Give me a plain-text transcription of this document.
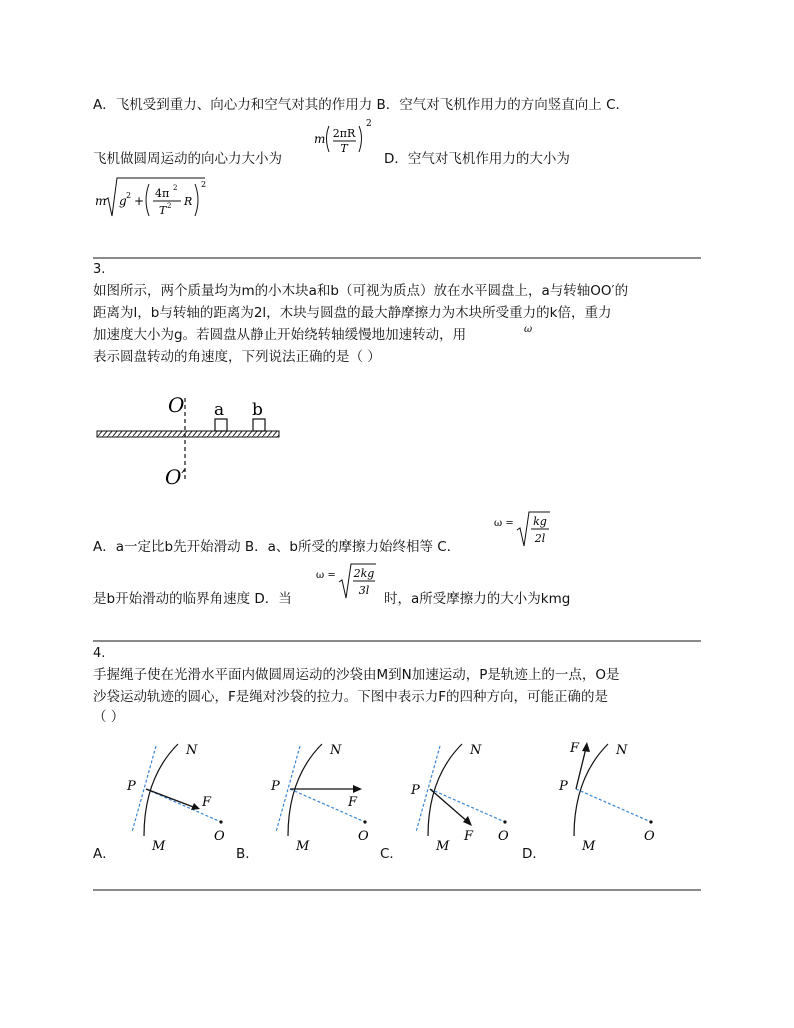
A．飞机受到重力、向心力和空气对其的作用力 B．空气对飞机作用力的方向竖直向上 C．
m 2πR
T
2
飞机做圆周运动的向心力大小为	D．空气对飞机作用力的大小为
m g 2 +
4π 2
T 2 R
2
3.
如图所示，两个质量均为m的小木块a和b（可视为质点）放在水平圆盘上，a与转轴OO′的
距离为l，b与转轴的距离为2l，木块与圆盘的最大静摩擦力为木块所受重力的k倍，重力
加速度大小为g。若圆盘从静止开始绕转轴缓慢地加速转动，用	ω
表示圆盘转动的角速度，下列说法正确的是（ ）
O a b
O′
A．a一定比b先开始滑动 B．a、b所受的摩擦力始终相等 C．
ω = kg
2l
是b开始滑动的临界角速度 D．当
ω = 2kg
3l
时，a所受摩擦力的大小为kmg
4.
手握绳子使在光滑水平面内做圆周运动的沙袋由M到N加速运动，P是轨迹上的一点，O是
沙袋运动轨迹的圆心，F是绳对沙袋的拉力。下图中表示力F的四种方向，可能正确的是
（ ）
A．
P
N
M
F
O
B．
P
N
M
F
O
C．
P
N
M
F O
D．
P
F	N
M
O
